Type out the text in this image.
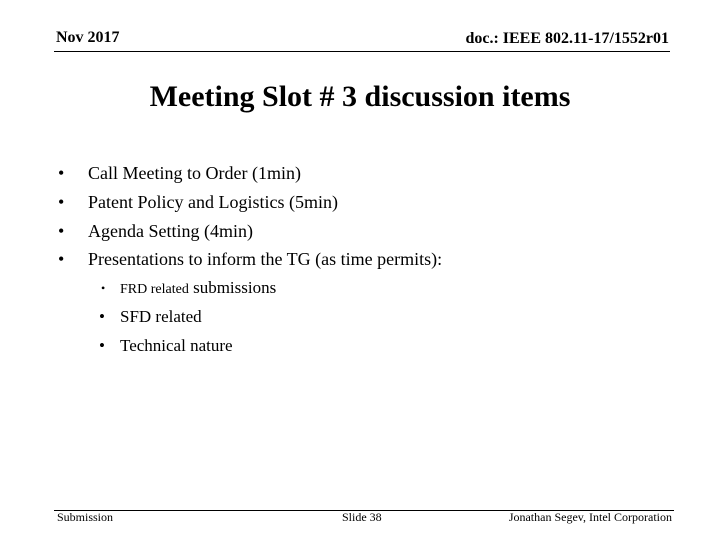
Nov 2017	doc.: IEEE 802.11-17/1552r01
Meeting Slot # 3 discussion items
• Call Meeting to Order (1min)
• Patent Policy and Logistics (5min)
• Agenda Setting (4min)
• Presentations to inform the TG (as time permits):
• FRD related submissions
• SFD related
• Technical nature
Submission	Slide 38	Jonathan Segev, Intel Corporation
